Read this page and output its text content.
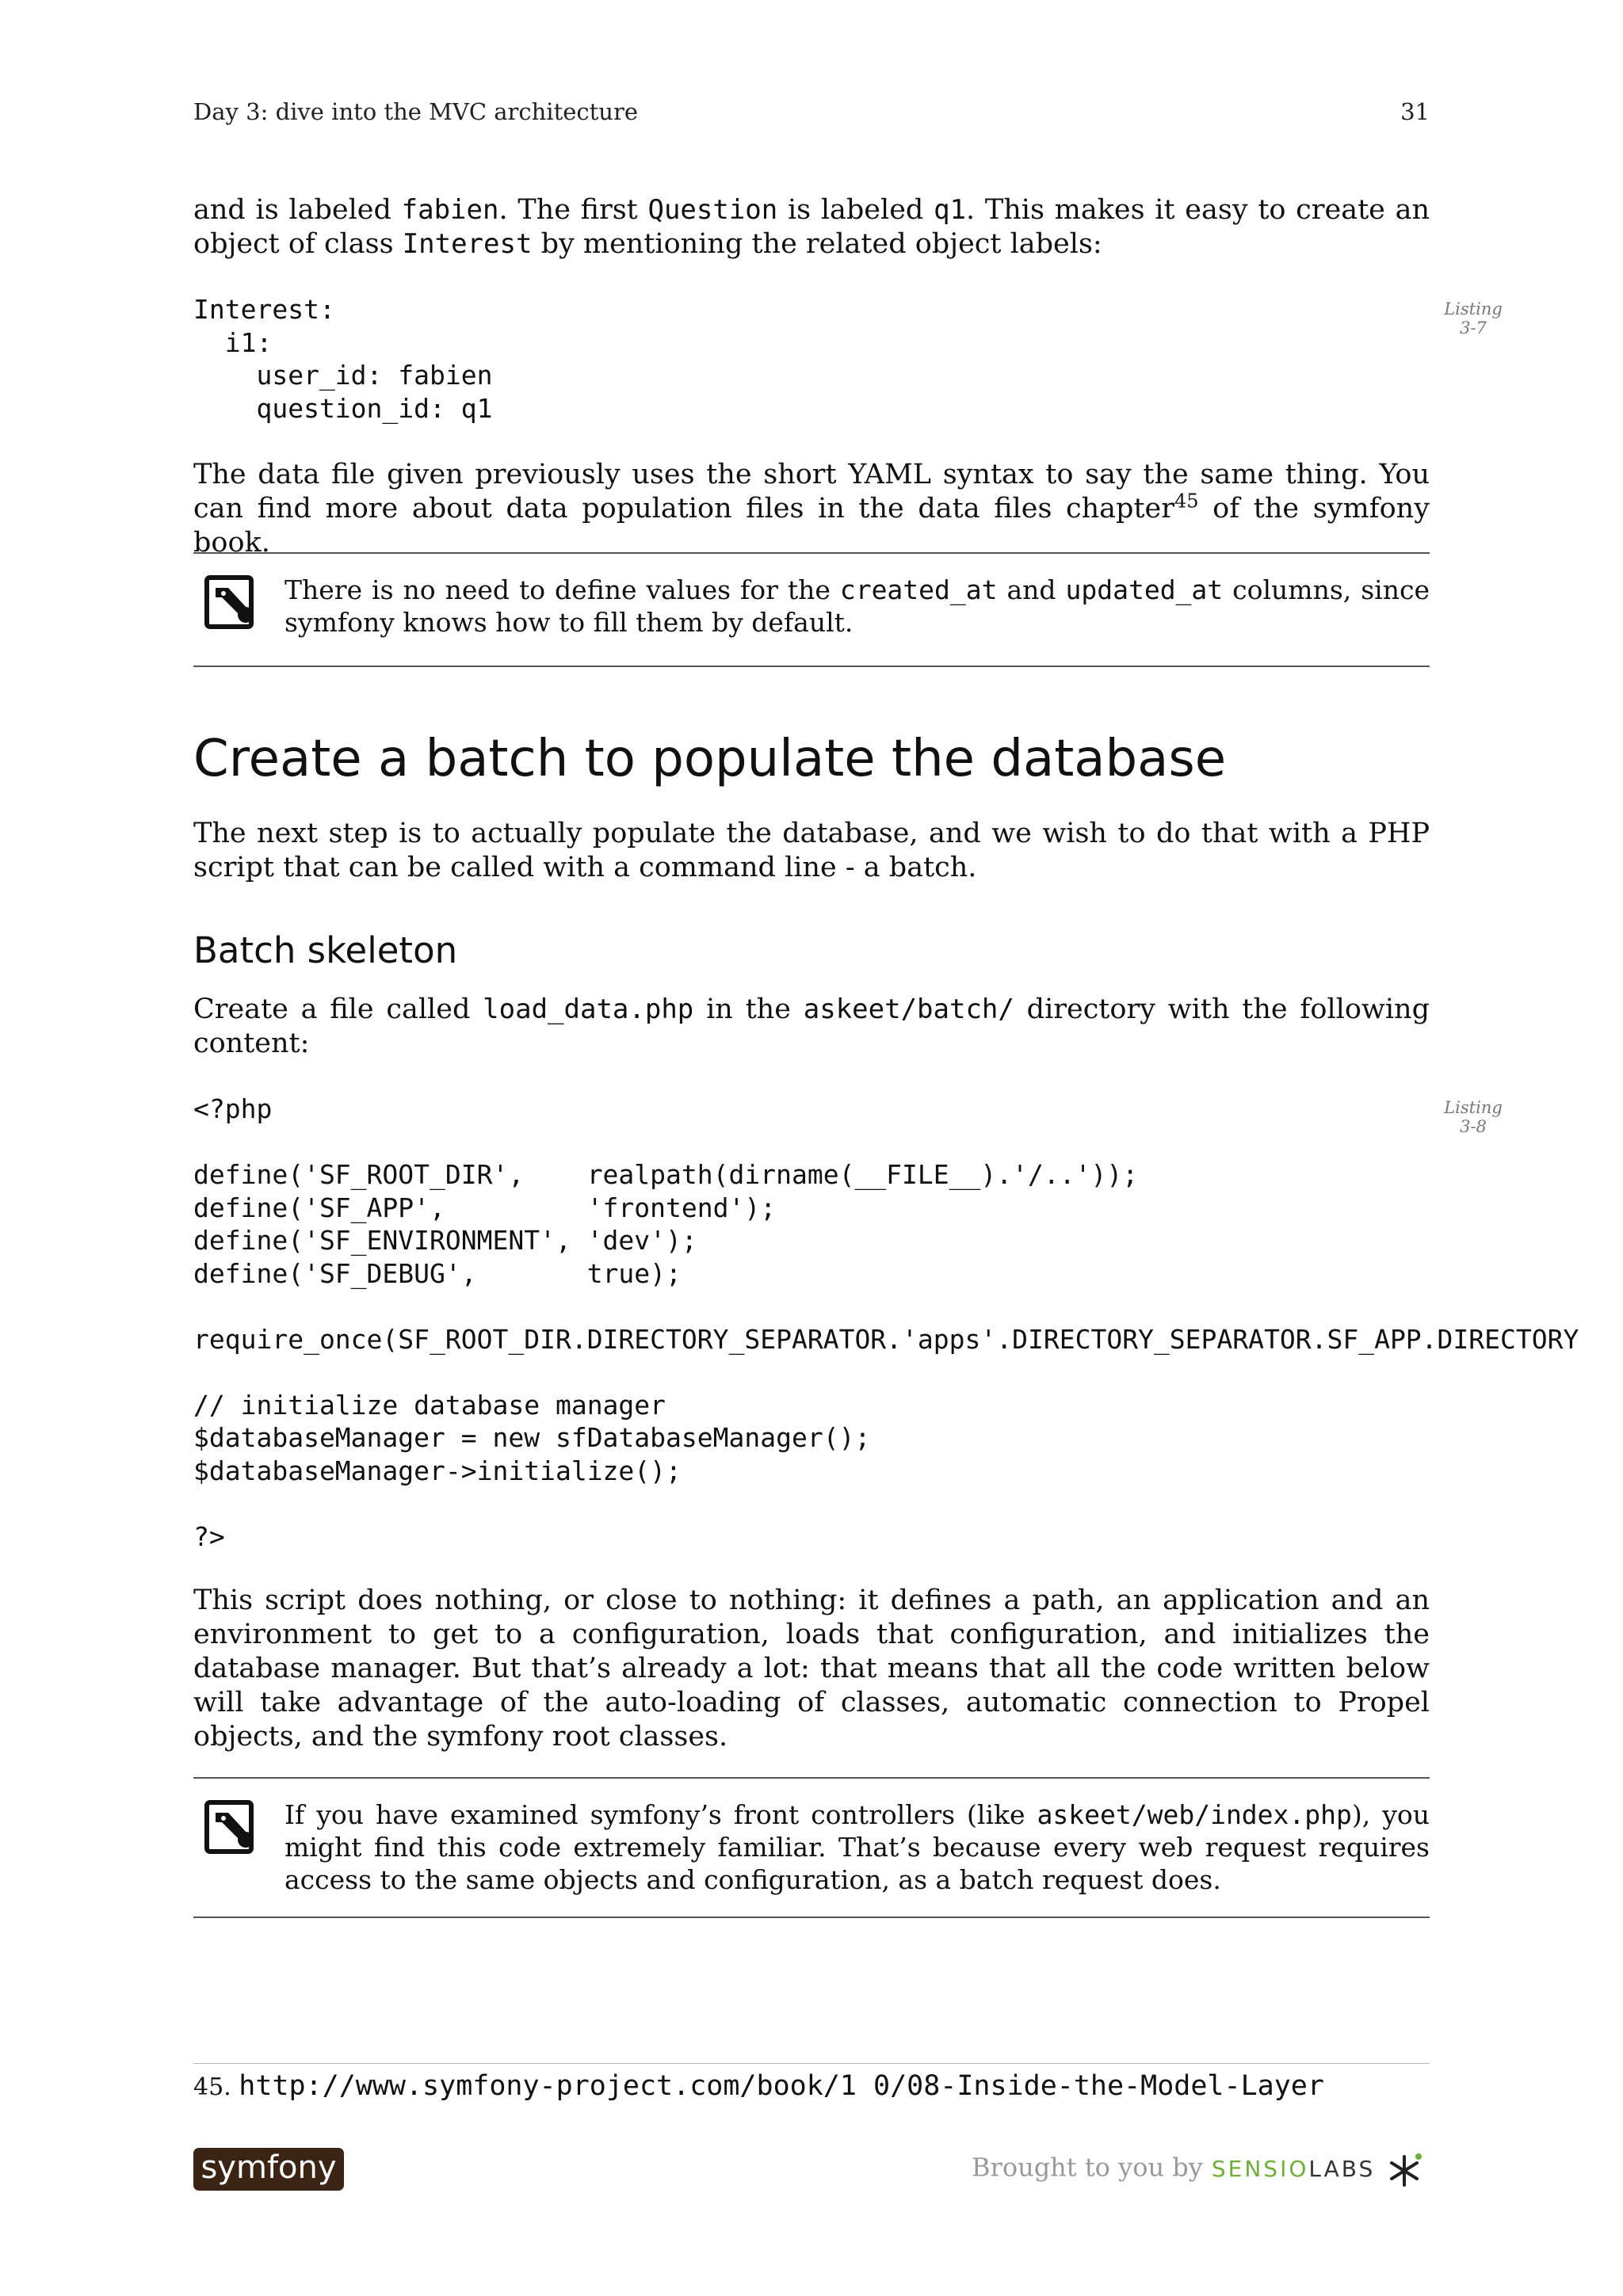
Day 3: dive into the MVC architecture	31
and is labeled fabien. The first Question is labeled q1. This makes it easy to create an object of class Interest by mentioning the related object labels:
Interest:
i1:
user_id: fabien
question_id: q1
Listing
3-7
The data file given previously uses the short YAML syntax to say the same thing. You can find more about data population files in the data files chapter$^{45}$ of the symfony book.
There is no need to define values for the created_at and updated_at columns, since symfony knows how to fill them by default.
Create a batch to populate the database
The next step is to actually populate the database, and we wish to do that with a PHP script that can be called with a command line - a batch.
Batch skeleton
Create a file called load_data.php in the askeet/batch/ directory with the following content:
<?php

define('SF_ROOT_DIR',    realpath(dirname(__FILE__).'/..'));
define('SF_APP',         'frontend');
define('SF_ENVIRONMENT', 'dev');
define('SF_DEBUG',       true);

require_once(SF_ROOT_DIR.DIRECTORY_SEPARATOR.'apps'.DIRECTORY_SEPARATOR.SF_APP.DIRECTORY

// initialize database manager
$databaseManager = new sfDatabaseManager();
$databaseManager->initialize();

?>
Listing
3-8
This script does nothing, or close to nothing: it defines a path, an application and an environment to get to a configuration, loads that configuration, and initializes the database manager. But that’s already a lot: that means that all the code written below will take advantage of the auto-loading of classes, automatic connection to Propel objects, and the symfony root classes.
If you have examined symfony’s front controllers (like askeet/web/index.php), you might find this code extremely familiar. That’s because every web request requires access to the same objects and configuration, as a batch request does.
45. http://www.symfony-project.com/book/1 0/08-Inside-the-Model-Layer
symfony	Brought to you by SENSIOLABS
